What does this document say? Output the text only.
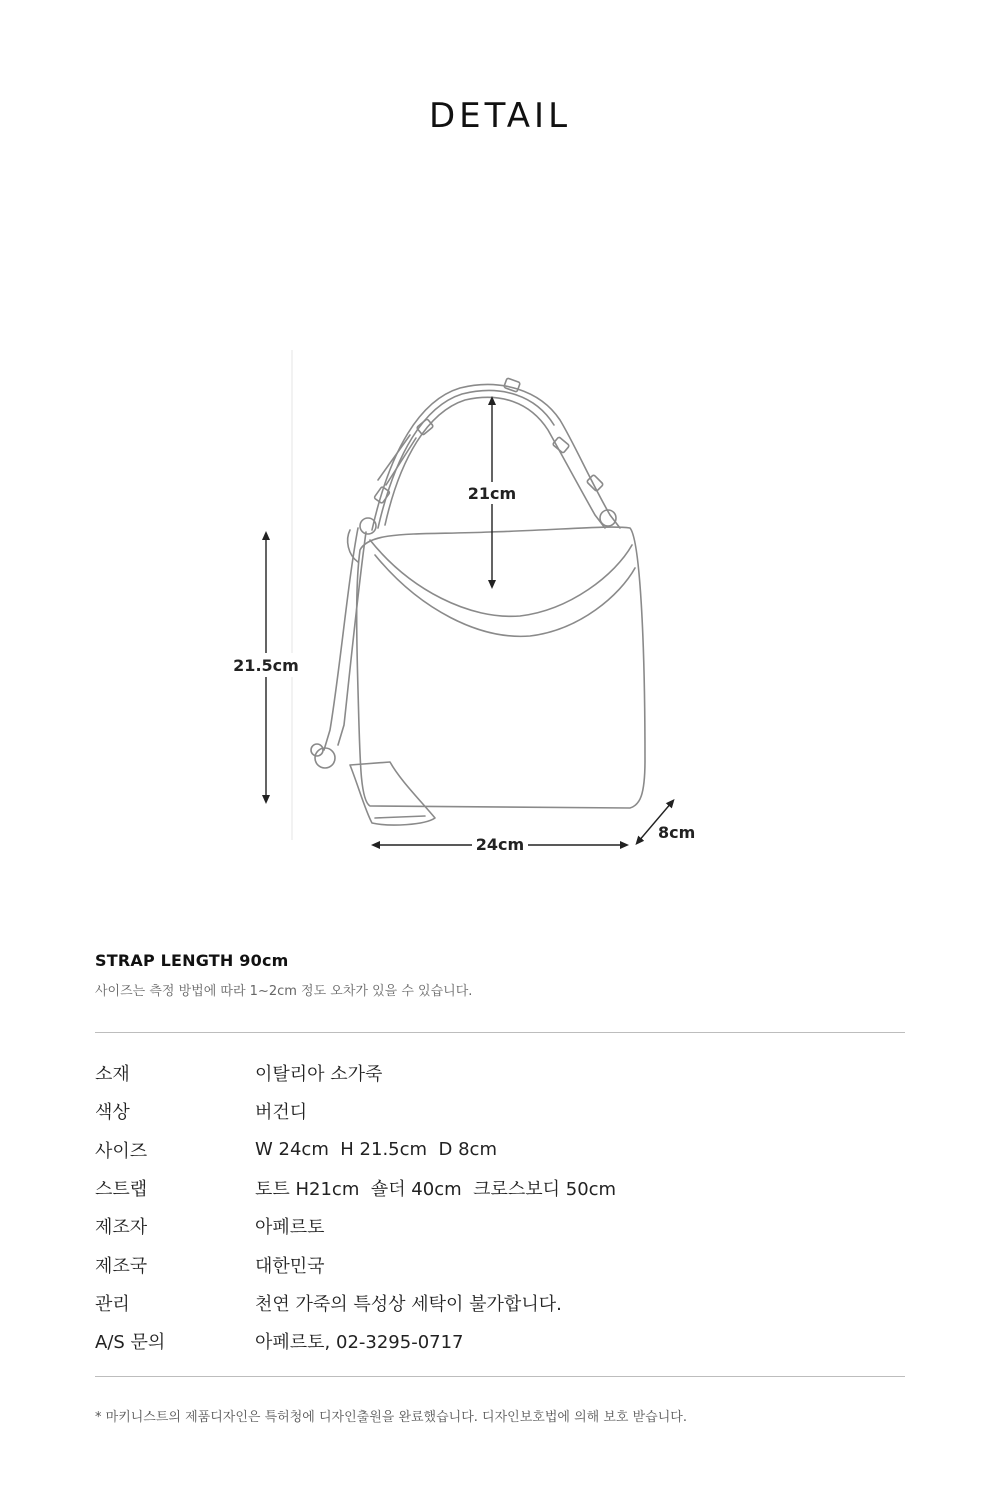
DETAIL
21cm
21.5cm
24cm
8cm
STRAP LENGTH 90cm
사이즈는 측정 방법에 따라 1~2cm 정도 오차가 있을 수 있습니다.
소재	이탈리아 소가죽
색상	버건디
사이즈	W 24cm  H 21.5cm  D 8cm
스트랩	토트 H21cm  숄더 40cm  크로스보디 50cm
제조자	아페르토
제조국	대한민국
관리	천연 가죽의 특성상 세탁이 불가합니다.
A/S 문의	아페르토, 02-3295-0717
* 마키니스트의 제품디자인은 특허청에 디자인출원을 완료했습니다. 디자인보호법에 의해 보호 받습니다.
